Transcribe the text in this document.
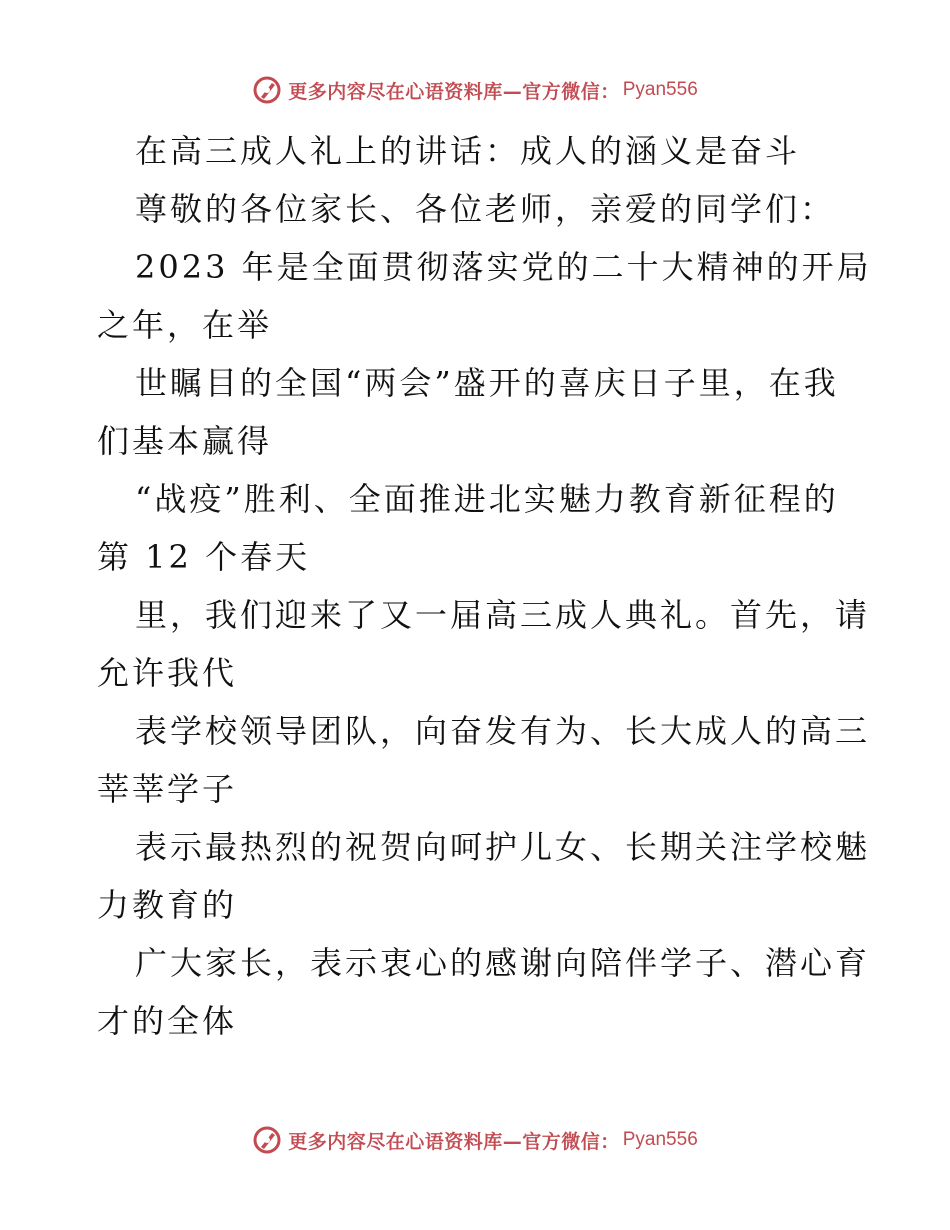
更多内容尽在心语资料库—官方微信： Pyan556
在高三成人礼上的讲话：成人的涵义是奋斗
尊敬的各位家长、各位老师，亲爱的同学们：
2023 年是全面贯彻落实党的二十大精神的开局
之年，在举
世瞩目的全国“两会”盛开的喜庆日子里，在我
们基本赢得
“战疫”胜利、全面推进北实魅力教育新征程的
第 12 个春天
里，我们迎来了又一届高三成人典礼。首先，请
允许我代
表学校领导团队，向奋发有为、长大成人的高三
莘莘学子
表示最热烈的祝贺向呵护儿女、长期关注学校魅
力教育的
广大家长，表示衷心的感谢向陪伴学子、潜心育
才的全体
更多内容尽在心语资料库—官方微信： Pyan556
